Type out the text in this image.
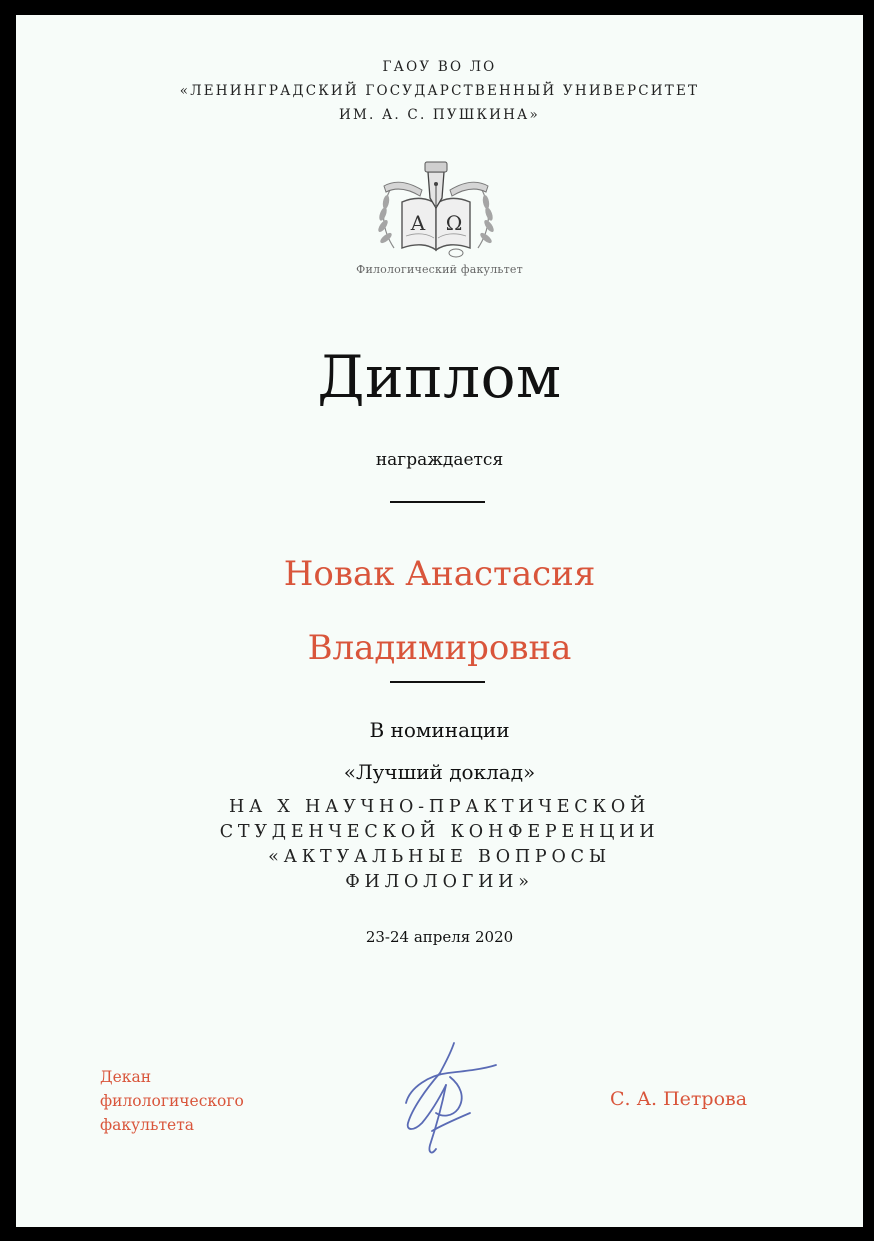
ГАОУ ВО ЛО
«ЛЕНИНГРАДСКИЙ ГОСУДАРСТВЕННЫЙ УНИВЕРСИТЕТ
ИМ. А. С. ПУШКИНА»
Α Ω
Филологический факультет
Диплом
награждается
Новак Анастасия
Владимировна
В номинации
«Лучший доклад»
НА X НАУЧНО-ПРАКТИЧЕСКОЙ
СТУДЕНЧЕСКОЙ КОНФЕРЕНЦИИ
«АКТУАЛЬНЫЕ ВОПРОСЫ
ФИЛОЛОГИИ»
23-24 апреля 2020
Декан
филологического
факультета
С. А. Петрова
